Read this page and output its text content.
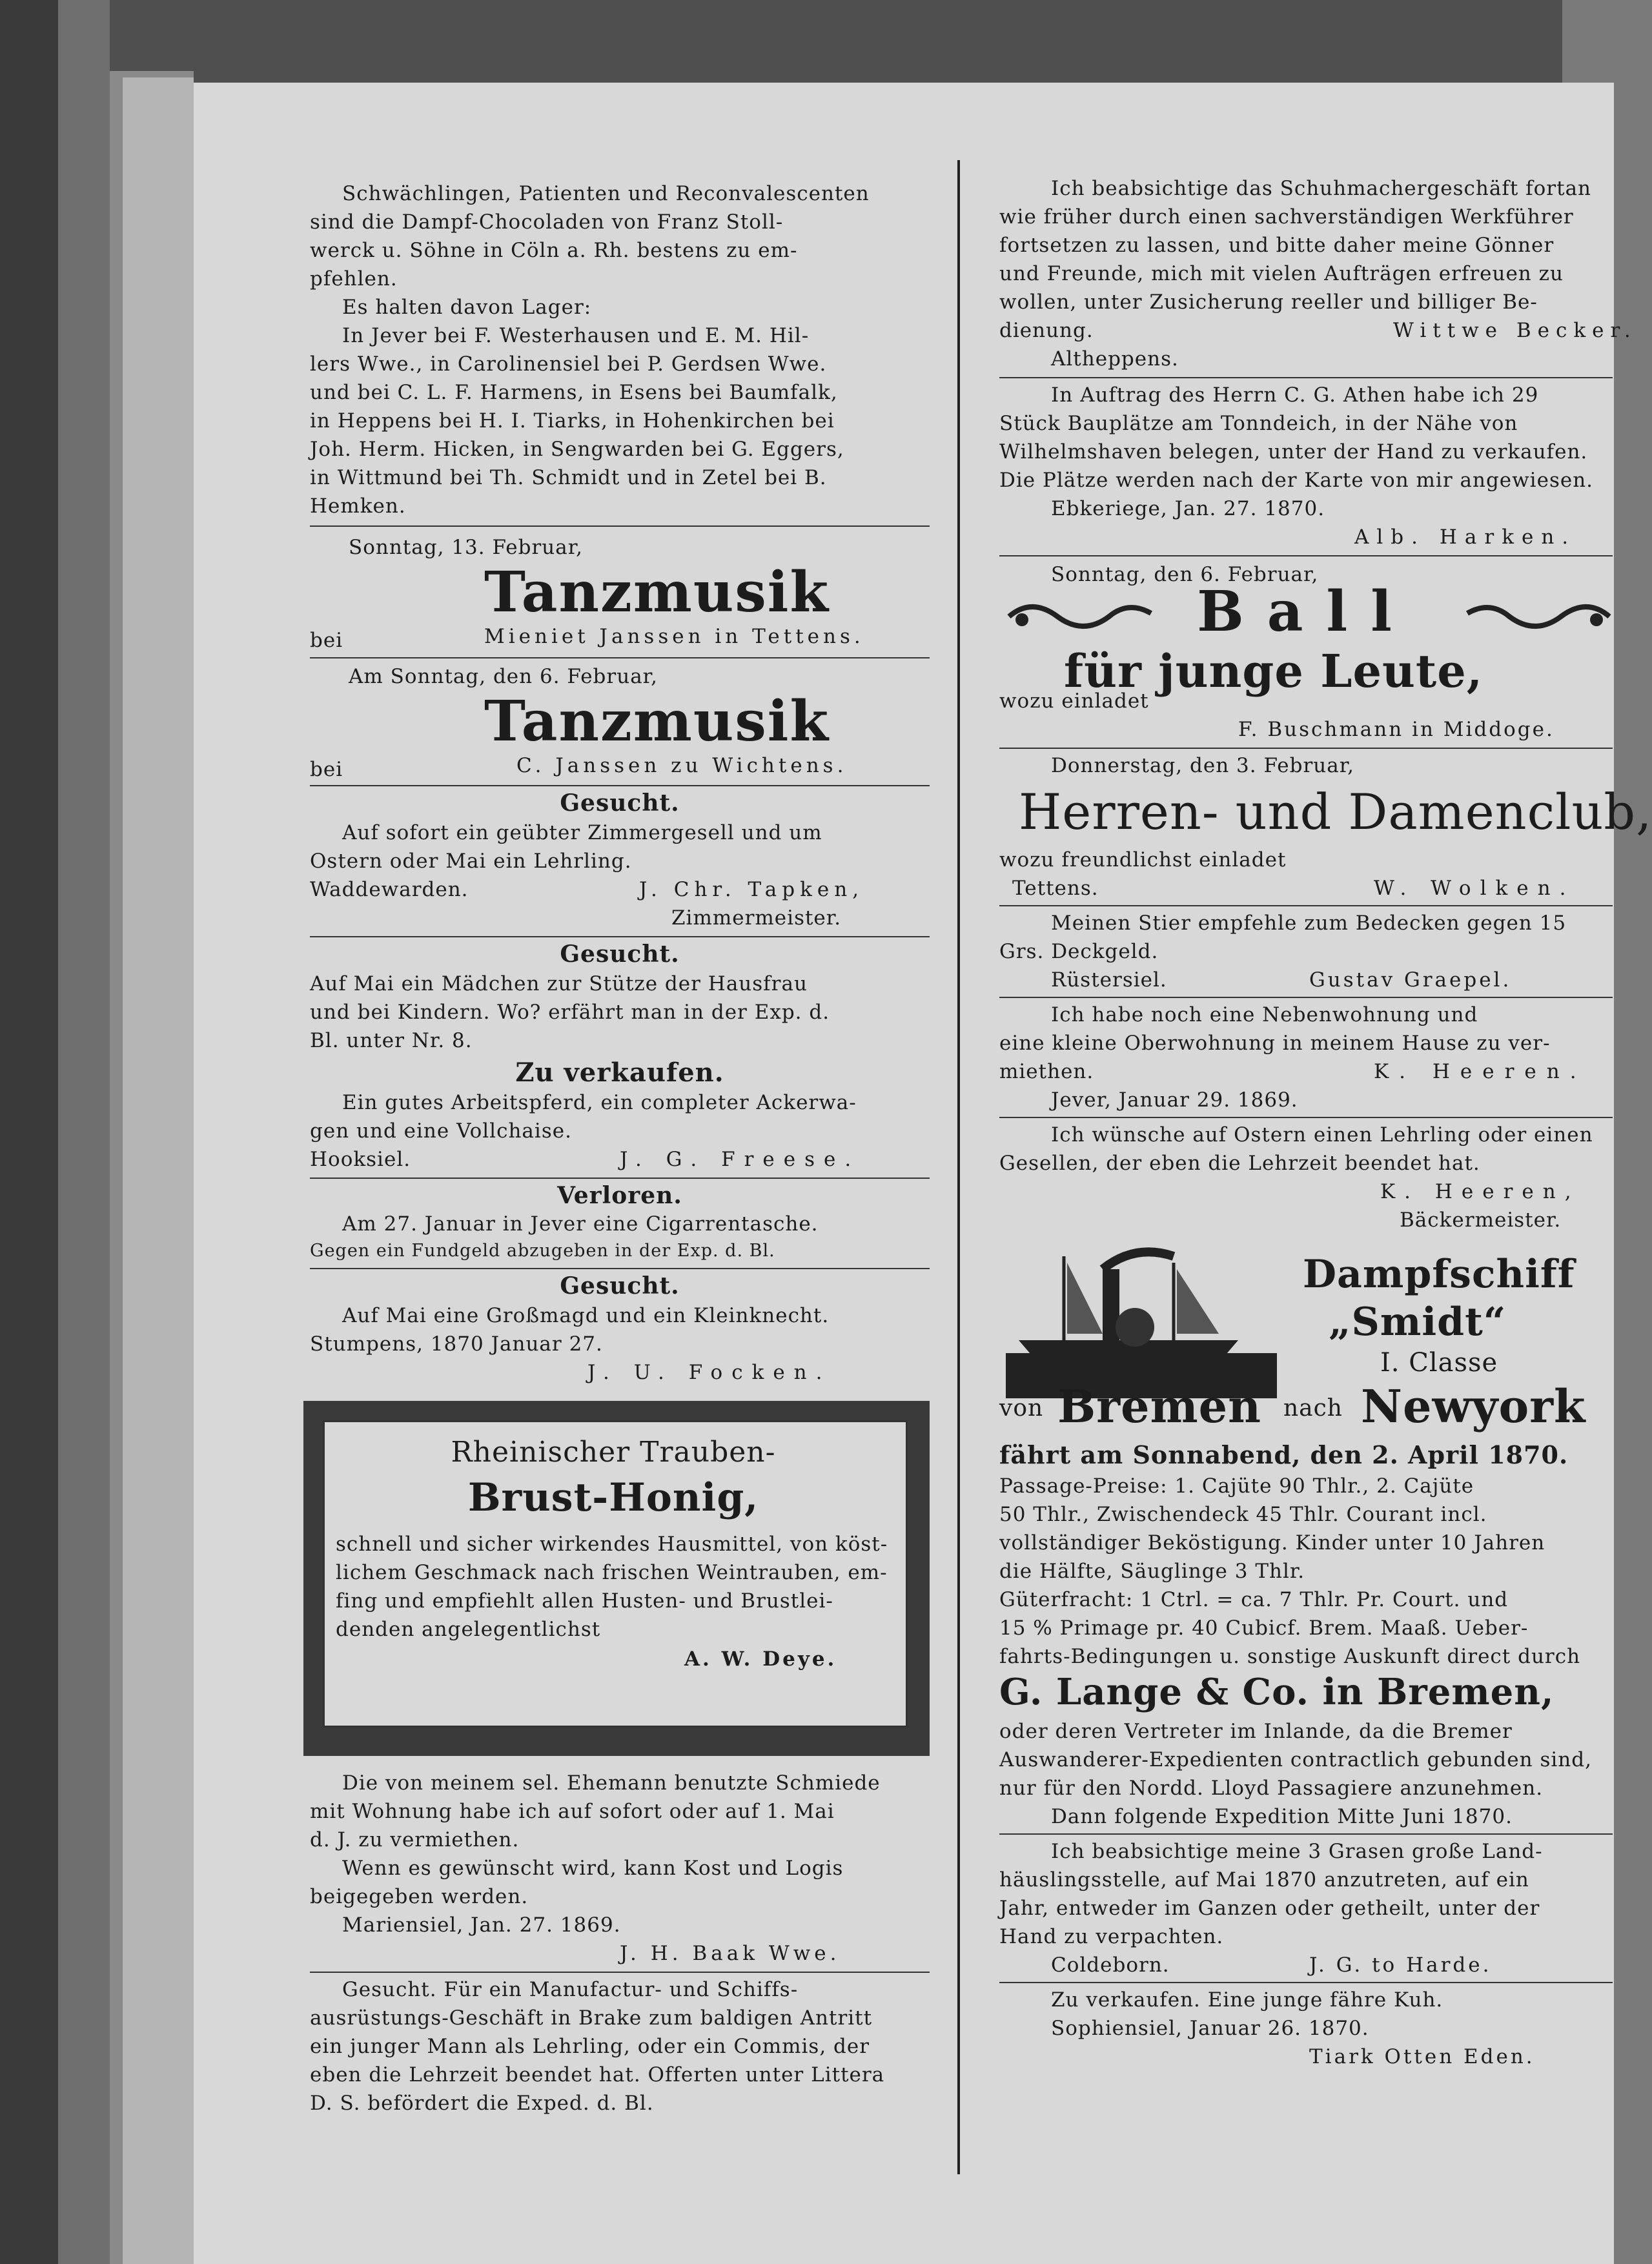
Schwächlingen, Patienten und Reconvalescenten
sind die Dampf-Chocoladen von Franz Stoll-
werck u. Söhne in Cöln a. Rh. bestens zu em-
pfehlen.
Es halten davon Lager:
In Jever bei F. Westerhausen und E. M. Hil-
lers Wwe., in Carolinensiel bei P. Gerdsen Wwe.
und bei C. L. F. Harmens, in Esens bei Baumfalk,
in Heppens bei H. I. Tiarks, in Hohenkirchen bei
Joh. Herm. Hicken, in Sengwarden bei G. Eggers,
in Wittmund bei Th. Schmidt und in Zetel bei B.
Hemken.
Sonntag, 13. Februar,
Tanzmusik
bei	Mieniet Janssen in Tettens.
Am Sonntag, den 6. Februar,
Tanzmusik
bei	C. Janssen zu Wichtens.
Gesucht.
Auf sofort ein geübter Zimmergesell und um
Ostern oder Mai ein Lehrling.
Waddewarden.	J. Chr. Tapken,
Zimmermeister.
Gesucht.
Auf Mai ein Mädchen zur Stütze der Hausfrau
und bei Kindern. Wo? erfährt man in der Exp. d.
Bl. unter Nr. 8.
Zu verkaufen.
Ein gutes Arbeitspferd, ein completer Ackerwa-
gen und eine Vollchaise.
Hooksiel.	J. G. Freese.
Verloren.
Am 27. Januar in Jever eine Cigarrentasche.
Gegen ein Fundgeld abzugeben in der Exp. d. Bl.
Gesucht.
Auf Mai eine Großmagd und ein Kleinknecht.
Stumpens, 1870 Januar 27.
J. U. Focken.
Rheinischer Trauben-
Brust-Honig,
schnell und sicher wirkendes Hausmittel, von köst-
lichem Geschmack nach frischen Weintrauben, em-
fing und empfiehlt allen Husten- und Brustlei-
denden angelegentlichst
A. W. Deye.
Die von meinem sel. Ehemann benutzte Schmiede
mit Wohnung habe ich auf sofort oder auf 1. Mai
d. J. zu vermiethen.
Wenn es gewünscht wird, kann Kost und Logis
beigegeben werden.
Mariensiel, Jan. 27. 1869.
J. H. Baak Wwe.
Gesucht. Für ein Manufactur- und Schiffs-
ausrüstungs-Geschäft in Brake zum baldigen Antritt
ein junger Mann als Lehrling, oder ein Commis, der
eben die Lehrzeit beendet hat. Offerten unter Littera
D. S. befördert die Exped. d. Bl.
Ich beabsichtige das Schuhmachergeschäft fortan
wie früher durch einen sachverständigen Werkführer
fortsetzen zu lassen, und bitte daher meine Gönner
und Freunde, mich mit vielen Aufträgen erfreuen zu
wollen, unter Zusicherung reeller und billiger Be-
dienung.	Wittwe Becker.
Altheppens.
In Auftrag des Herrn C. G. Athen habe ich 29
Stück Bauplätze am Tonndeich, in der Nähe von
Wilhelmshaven belegen, unter der Hand zu verkaufen.
Die Plätze werden nach der Karte von mir angewiesen.
Ebkeriege, Jan. 27. 1870.
Alb. Harken.
Sonntag, den 6. Februar,
Ball
für junge Leute,
wozu einladet
F. Buschmann in Middoge.
Donnerstag, den 3. Februar,
Herren- und Damenclub,
wozu freundlichst einladet
Tettens.	W. Wolken.
Meinen Stier empfehle zum Bedecken gegen 15
Grs. Deckgeld.
Rüstersiel.	Gustav Graepel.
Ich habe noch eine Nebenwohnung und
eine kleine Oberwohnung in meinem Hause zu ver-
miethen.	K. Heeren.
Jever, Januar 29. 1869.
Ich wünsche auf Ostern einen Lehrling oder einen
Gesellen, der eben die Lehrzeit beendet hat.
K. Heeren,
Bäckermeister.
Dampfschiff
„Smidt“
I. Classe
von Bremen nach Newyork
fährt am Sonnabend, den 2. April 1870.
Passage-Preise: 1. Cajüte 90 Thlr., 2. Cajüte
50 Thlr., Zwischendeck 45 Thlr. Courant incl.
vollständiger Beköstigung. Kinder unter 10 Jahren
die Hälfte, Säuglinge 3 Thlr.
Güterfracht: 1 Ctrl. = ca. 7 Thlr. Pr. Court. und
15 % Primage pr. 40 Cubicf. Brem. Maaß. Ueber-
fahrts-Bedingungen u. sonstige Auskunft direct durch
G. Lange & Co. in Bremen,
oder deren Vertreter im Inlande, da die Bremer
Auswanderer-Expedienten contractlich gebunden sind,
nur für den Nordd. Lloyd Passagiere anzunehmen.
Dann folgende Expedition Mitte Juni 1870.
Ich beabsichtige meine 3 Grasen große Land-
häuslingsstelle, auf Mai 1870 anzutreten, auf ein
Jahr, entweder im Ganzen oder getheilt, unter der
Hand zu verpachten.
Coldeborn.	J. G. to Harde.
Zu verkaufen. Eine junge fähre Kuh.
Sophiensiel, Januar 26. 1870.
Tiark Otten Eden.
